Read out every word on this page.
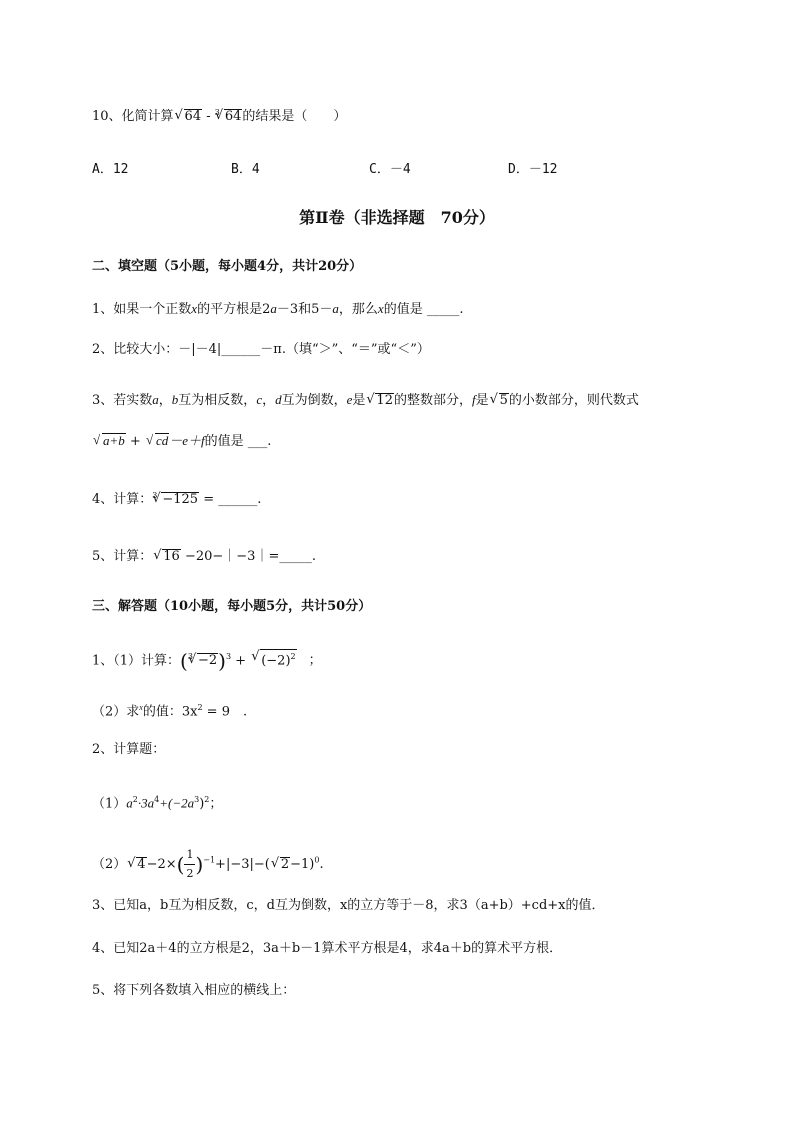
10、化简计算√ 64 - $^3$√ 64的结果是（　　）
A．12	B．4	C．－4	D．－12
第Ⅱ卷（非选择题　70分）
二、填空题（5小题，每小题4分，共计20分）
1、如果一个正数x的平方根是2a－3和5－a，那么x的值是 _____.
2、比较大小：－|－4|______－π.（填“＞”、“＝”或“＜”）
3、若实数a，b互为相反数，c，d互为倒数，e是√ 12的整数部分，f是√ 5的小数部分，则代数式
√ a+b + √ cd－e＋f的值是 ___.
4、计算：$^3$√ −125 = ______.
5、计算：√ 16 −20−｜−3｜=_____.
三、解答题（10小题，每小题5分，共计50分）
1、（1）计算：$(^3√ -2)^3$ + √ $(-2)^2$ ；
（2）求$^x$的值：$3x^2 = 9$　.
2、计算题：
$(1)a^2\cdot 3a^4+(-2a^3)^2$；
（2）√ $4-2\times( \frac{1}{2} )^{-1}+|-3|-(√$ 2−1)$^0$.
3、已知a，b互为相反数，c，d互为倒数，x的立方等于－8，求3（a+b）+cd+x的值．
4、已知2a＋4的立方根是2，3a＋b－1算术平方根是4，求4a＋b的算术平方根．
5、将下列各数填入相应的横线上：
